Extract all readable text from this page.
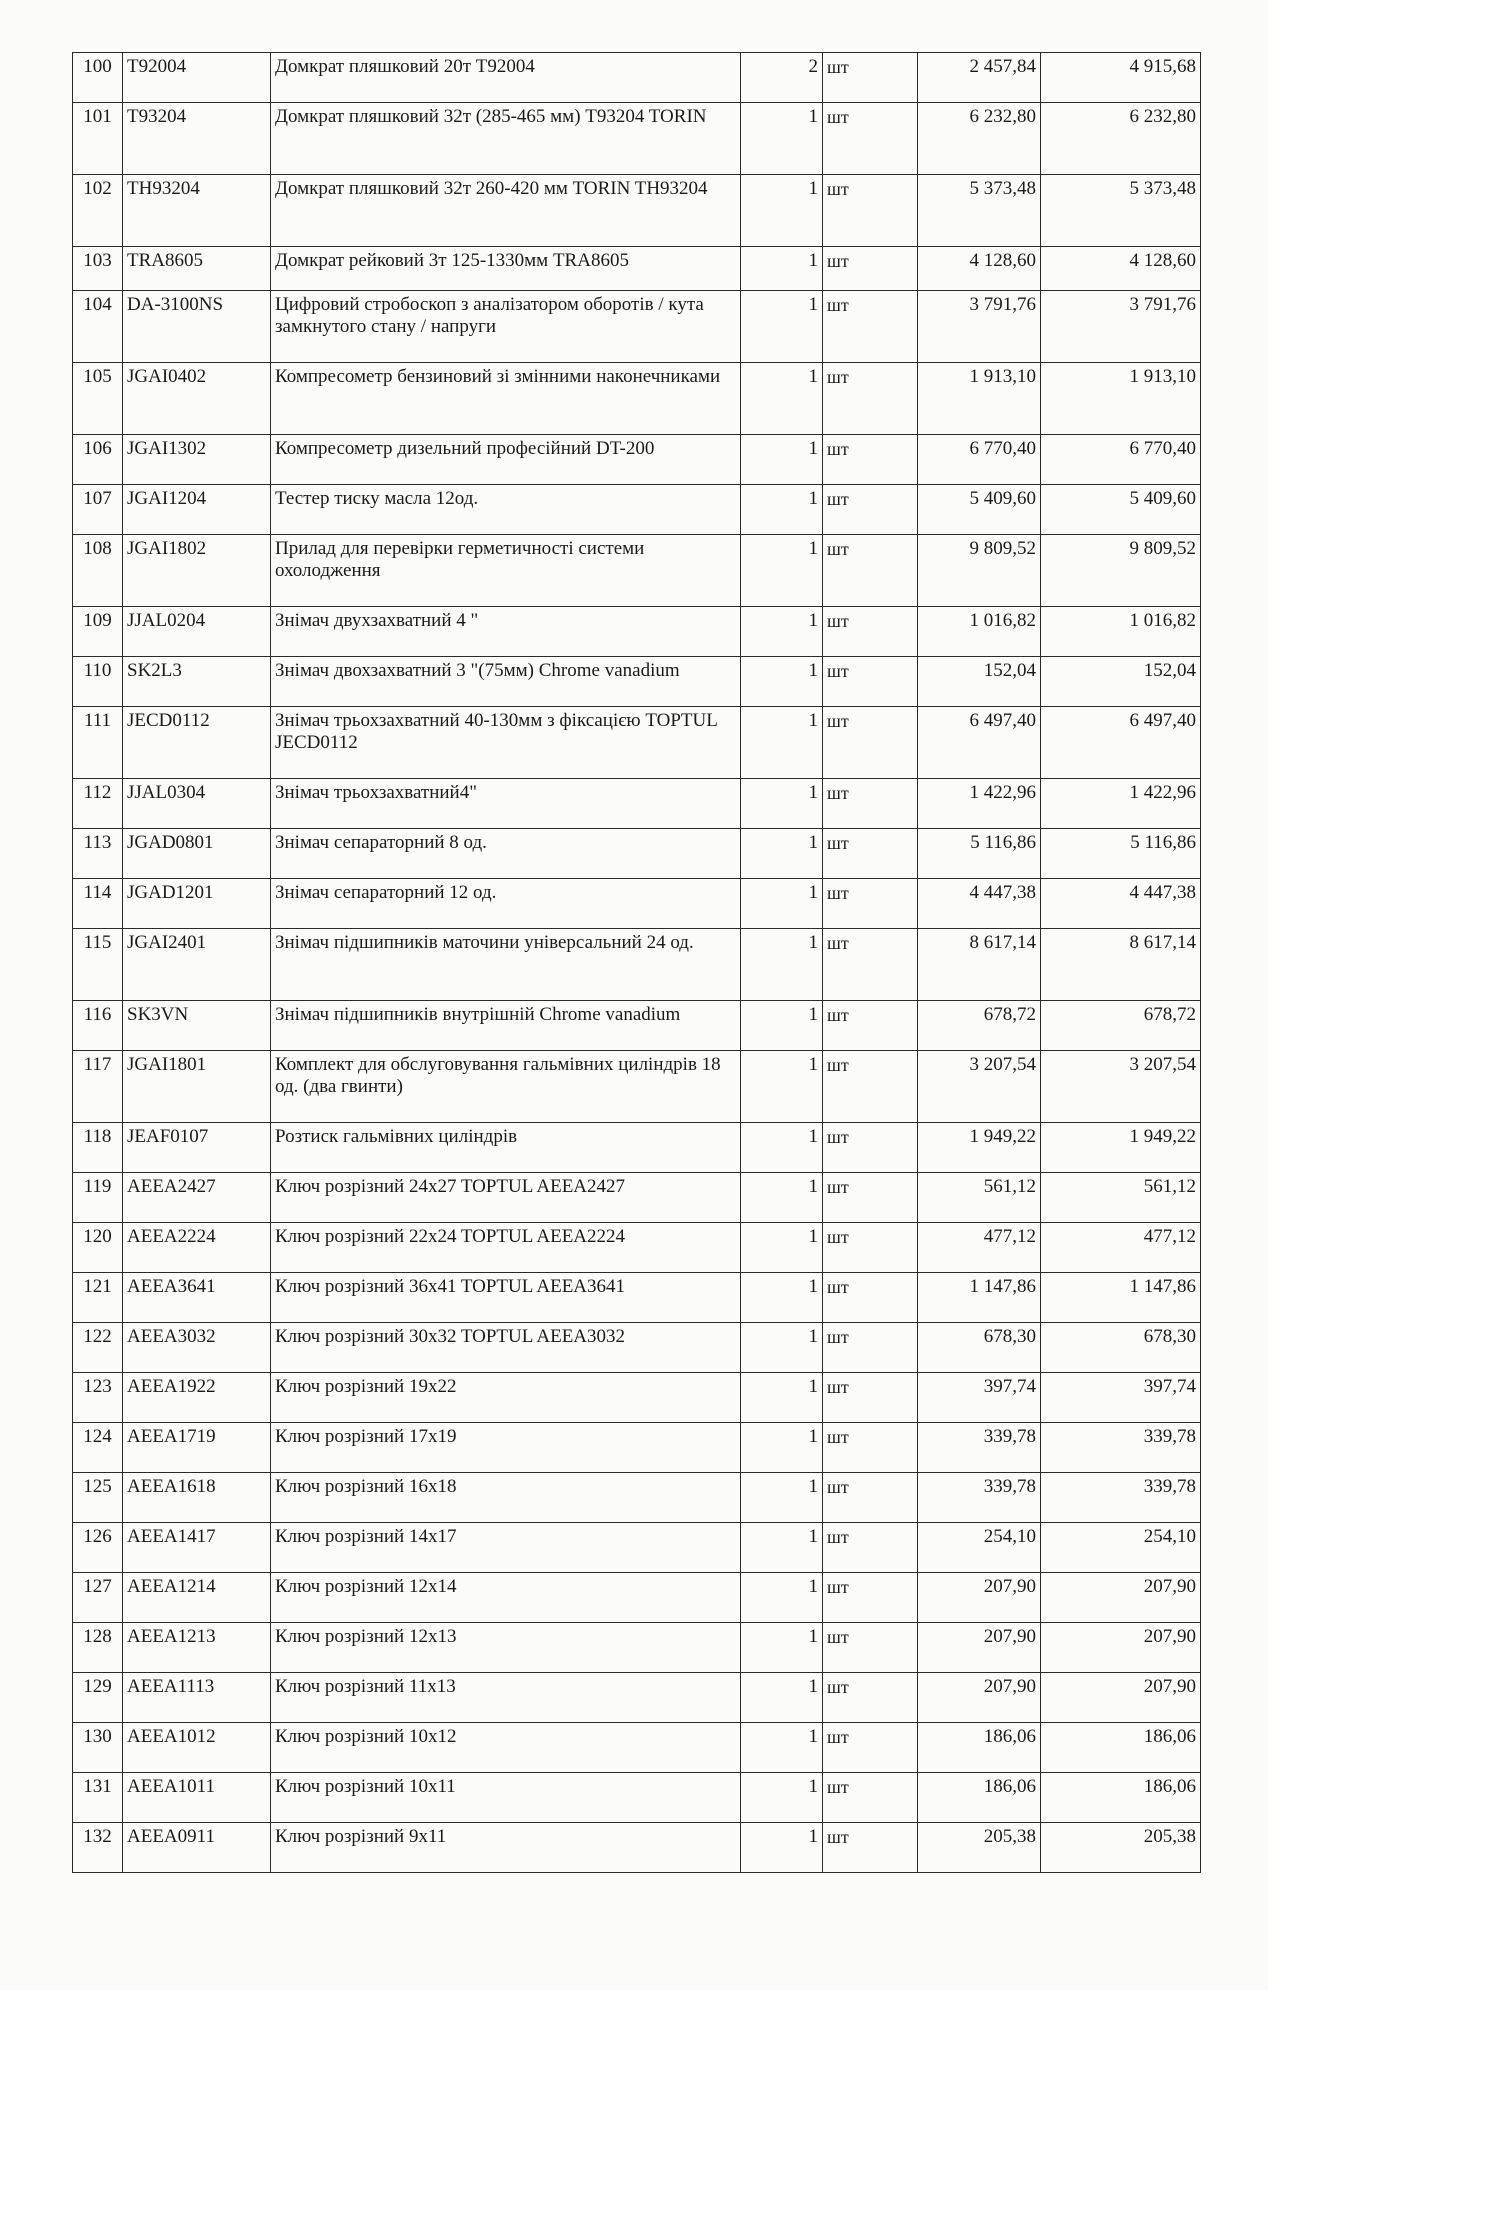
100	T92004	Домкрат пляшковий 20т T92004	2	шт	2 457,84	4 915,68
101	T93204	Домкрат пляшковий 32т (285-465 мм) T93204 TORIN	1	шт	6 232,80	6 232,80
102	TH93204	Домкрат пляшковий 32т 260-420 мм TORIN TH93204	1	шт	5 373,48	5 373,48
103	TRA8605	Домкрат рейковий 3т 125-1330мм TRA8605	1	шт	4 128,60	4 128,60
104	DA-3100NS	Цифровий стробоскоп з аналізатором оборотів / кута замкнутого стану / напруги	1	шт	3 791,76	3 791,76
105	JGAI0402	Компресометр бензиновий зі змінними наконечниками	1	шт	1 913,10	1 913,10
106	JGAI1302	Компресометр дизельний професійний DT-200	1	шт	6 770,40	6 770,40
107	JGAI1204	Тестер тиску масла 12од.	1	шт	5 409,60	5 409,60
108	JGAI1802	Прилад для перевірки герметичності системи охолодження	1	шт	9 809,52	9 809,52
109	JJAL0204	Знімач двухзахватний 4 "	1	шт	1 016,82	1 016,82
110	SK2L3	Знімач двохзахватний 3 "(75мм) Chrome vanadium	1	шт	152,04	152,04
111	JECD0112	Знімач трьохзахватний 40-130мм з фіксацією TOPTUL JECD0112	1	шт	6 497,40	6 497,40
112	JJAL0304	Знімач трьохзахватний4"	1	шт	1 422,96	1 422,96
113	JGAD0801	Знімач сепараторний 8 од.	1	шт	5 116,86	5 116,86
114	JGAD1201	Знімач сепараторний 12 од.	1	шт	4 447,38	4 447,38
115	JGAI2401	Знімач підшипників маточини універсальний 24 од.	1	шт	8 617,14	8 617,14
116	SK3VN	Знімач підшипників внутрішній Chrome vanadium	1	шт	678,72	678,72
117	JGAI1801	Комплект для обслуговування гальмівних циліндрів 18 од. (два гвинти)	1	шт	3 207,54	3 207,54
118	JEAF0107	Розтиск гальмівних циліндрів	1	шт	1 949,22	1 949,22
119	AEEA2427	Ключ розрізний 24x27 TOPTUL AEEA2427	1	шт	561,12	561,12
120	AEEA2224	Ключ розрізний 22x24 TOPTUL AEEA2224	1	шт	477,12	477,12
121	AEEA3641	Ключ розрізний 36x41 TOPTUL AEEA3641	1	шт	1 147,86	1 147,86
122	AEEA3032	Ключ розрізний 30x32 TOPTUL AEEA3032	1	шт	678,30	678,30
123	AEEA1922	Ключ розрізний 19x22	1	шт	397,74	397,74
124	AEEA1719	Ключ розрізний 17x19	1	шт	339,78	339,78
125	AEEA1618	Ключ розрізний 16x18	1	шт	339,78	339,78
126	AEEA1417	Ключ розрізний 14x17	1	шт	254,10	254,10
127	AEEA1214	Ключ розрізний 12x14	1	шт	207,90	207,90
128	AEEA1213	Ключ розрізний 12x13	1	шт	207,90	207,90
129	AEEA1113	Ключ розрізний 11x13	1	шт	207,90	207,90
130	AEEA1012	Ключ розрізний 10x12	1	шт	186,06	186,06
131	AEEA1011	Ключ розрізний 10x11	1	шт	186,06	186,06
132	AEEA0911	Ключ розрізний 9x11	1	шт	205,38	205,38
